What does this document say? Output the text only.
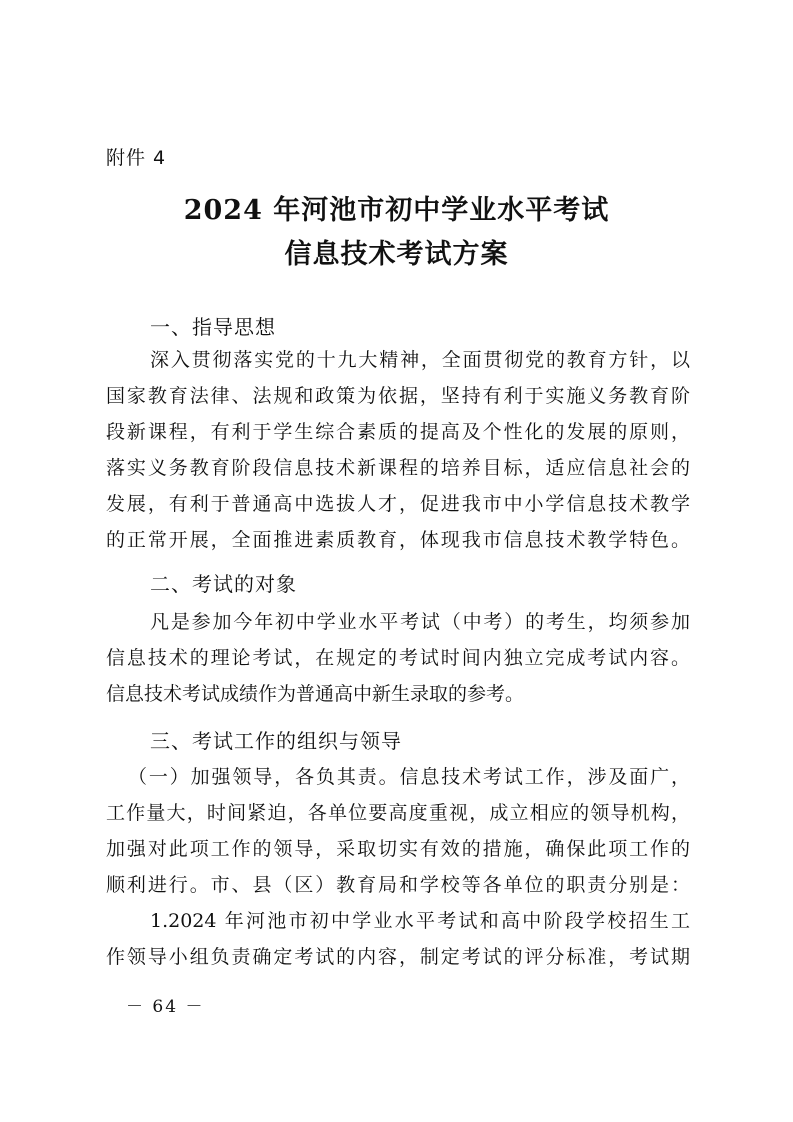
附件 4
2024 年河池市初中学业水平考试
信息技术考试方案
一、指导思想
深入贯彻落实党的十九大精神，全面贯彻党的教育方针，以
国家教育法律、法规和政策为依据，坚持有利于实施义务教育阶
段新课程，有利于学生综合素质的提高及个性化的发展的原则，
落实义务教育阶段信息技术新课程的培养目标，适应信息社会的
发展，有利于普通高中选拔人才，促进我市中小学信息技术教学
的正常开展，全面推进素质教育，体现我市信息技术教学特色。
二、考试的对象
凡是参加今年初中学业水平考试（中考）的考生，均须参加
信息技术的理论考试，在规定的考试时间内独立完成考试内容。
信息技术考试成绩作为普通高中新生录取的参考。
三、考试工作的组织与领导
（一）加强领导，各负其责。信息技术考试工作，涉及面广，
工作量大，时间紧迫，各单位要高度重视，成立相应的领导机构，
加强对此项工作的领导，采取切实有效的措施，确保此项工作的
顺利进行。市、县（区）教育局和学校等各单位的职责分别是：
1.2024 年河池市初中学业水平考试和高中阶段学校招生工
作领导小组负责确定考试的内容，制定考试的评分标准，考试期
－ 64 －
